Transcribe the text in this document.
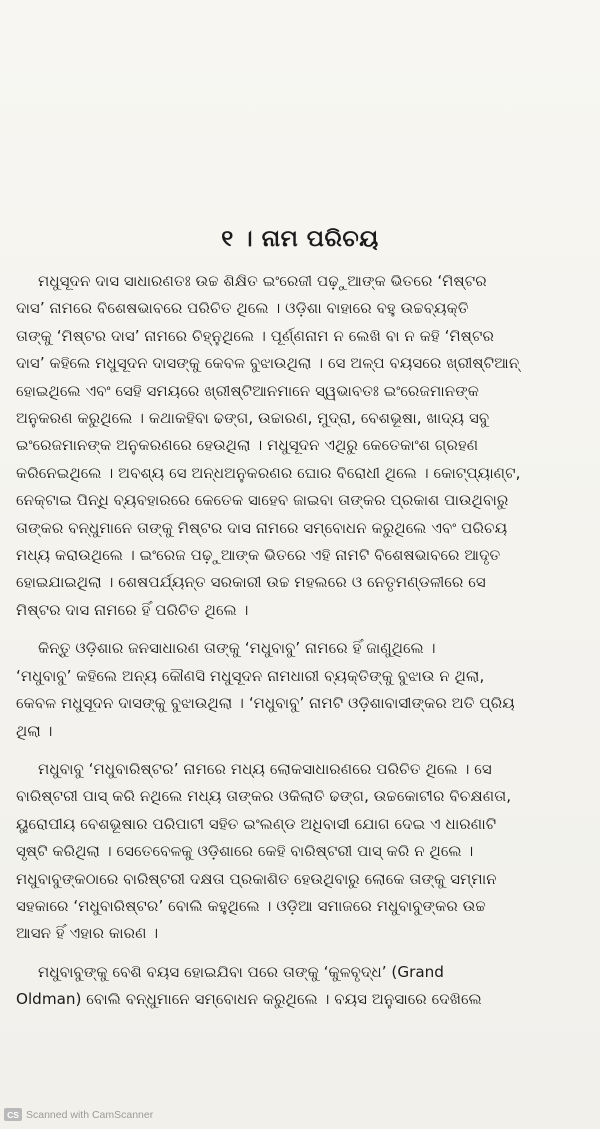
୧ । ନାମ ପରିଚୟ
ମଧୁସୂଦନ ଦାସ ସାଧାରଣତଃ ଉଚ୍ଚ ଶିକ୍ଷିତ ଇଂରେଜୀ ପଢ଼ୁଆଙ୍କ ଭିତରେ ‘ମିଷ୍ଟର
ଦାସ’ ନାମରେ ବିଶେଷଭାବରେ ପରିଚିତ ଥିଲେ । ଓଡ଼ିଶା ବାହାରେ ବହୁ ଉଚ୍ଚବ୍ୟକ୍ତି
ତାଙ୍କୁ ‘ମିଷ୍ଟର ଦାସ’ ନାମରେ ଚିହ୍ନୁଥିଲେ । ପୂର୍ଣ୍ଣନାମ ନ ଲେଖି ବା ନ କହି ‘ମିଷ୍ଟର
ଦାସ’ କହିଲେ ମଧୁସୂଦନ ଦାସଙ୍କୁ କେବଳ ବୁଝାଉଥିଲା । ସେ ଅଳ୍ପ ବୟସରେ ଖ୍ରୀଷ୍ଟିଆନ୍
ହୋଇଥିଲେ ଏବଂ ସେହି ସମୟରେ ଖ୍ରୀଷ୍ଟିଆନମାନେ ସ୍ୱଭାବତଃ ଇଂରେଜମାନଙ୍କ
ଅନୁକରଣ କରୁଥିଲେ । କଥାକହିବା ଢଙ୍ଗ, ଉଚ୍ଚାରଣ, ମୁଦ୍ରା, ବେଶଭୂଷା, ଖାଦ୍ୟ ସବୁ
ଇଂରେଜମାନଙ୍କ ଅନୁକରଣରେ ହେଉଥିଲା । ମଧୁସୂଦନ ଏଥିରୁ କେତେକାଂଶ ଗ୍ରହଣ
କରିନେଇଥିଲେ । ଅବଶ୍ୟ ସେ ଅନ୍ଧଅନୁକରଣର ଘୋର ବିରୋଧୀ ଥିଲେ । କୋଟ୍‌ପ୍ୟାଣ୍ଟ,
ନେକ୍‌ଟାଇ ପିନ୍ଧି ବ୍ୟବହାରରେ କେତେକ ସାହେବ ଜାଇବା ତାଙ୍କର ପ୍ରକାଶ ପାଉଥିବାରୁ
ତାଙ୍କର ବନ୍ଧୁମାନେ ତାଙ୍କୁ ମିଷ୍ଟର ଦାସ ନାମରେ ସମ୍ବୋଧନ କରୁଥିଲେ ଏବଂ ପରିଚୟ
ମଧ୍ୟ କରାଉଥିଲେ । ଇଂରେଜ ପଢ଼ୁଆଙ୍କ ଭିତରେ ଏହି ନାମଟି ବିଶେଷଭାବରେ ଆଦୃତ
ହୋଇଯାଇଥିଲା । ଶେଷପର୍ଯ୍ୟନ୍ତ ସରକାରୀ ଉଚ୍ଚ ମହଲରେ ଓ ନେତୃମଣ୍ଡଳୀରେ ସେ
ମିଷ୍ଟର ଦାସ ନାମରେ ହିଁ ପରିଚିତ ଥିଲେ ।
କିନ୍ତୁ ଓଡ଼ିଶାର ଜନସାଧାରଣ ତାଙ୍କୁ ‘ମଧୁବାବୁ’ ନାମରେ ହିଁ ଜାଣୁଥିଲେ ।
‘ମଧୁବାବୁ’ କହିଲେ ଅନ୍ୟ କୌଣସି ମଧୁସୂଦନ ନାମଧାରୀ ବ୍ୟକ୍ତିଙ୍କୁ ବୁଝାଉ ନ ଥିଲା,
କେବଳ ମଧୁସୂଦନ ଦାସଙ୍କୁ ବୁଝାଉଥିଲା । ‘ମଧୁବାବୁ’ ନାମଟି ଓଡ଼ିଶାବାସୀଙ୍କର ଅତି ପ୍ରିୟ
ଥିଲା ।
ମଧୁବାବୁ ‘ମଧୁବାରିଷ୍ଟର’ ନାମରେ ମଧ୍ୟ ଲୋକସାଧାରଣରେ ପରିଚିତ ଥିଲେ । ସେ
ବାରିଷ୍ଟରୀ ପାସ୍ କରି ନଥିଲେ ମଧ୍ୟ ତାଙ୍କର ଓକିଲାତି ଢଙ୍ଗ, ଉଚ୍ଚକୋଟୀର ବିଚକ୍ଷଣତା,
ୟୁରୋପୀୟ ବେଶଭୂଷାର ପରିପାଟୀ ସହିତ ଇଂଲଣ୍ଡ ଅଧିବାସୀ ଯୋଗ ଦେଇ ଏ ଧାରଣାଟି
ସୃଷ୍ଟି କରିଥିଲା । ସେତେବେଳକୁ ଓଡ଼ିଶାରେ କେହି ବାରିଷ୍ଟରୀ ପାସ୍ କରି ନ ଥିଲେ ।
ମଧୁବାବୁଙ୍କଠାରେ ବାରିଷ୍ଟରୀ ଦକ୍ଷତା ପ୍ରକାଶିତ ହେଉଥିବାରୁ ଲୋକେ ତାଙ୍କୁ ସମ୍ମାନ
ସହକାରେ ‘ମଧୁବାରିଷ୍ଟର’ ବୋଲି କହୁଥିଲେ । ଓଡ଼ିଆ ସମାଜରେ ମଧୁବାବୁଙ୍କର ଉଚ୍ଚ
ଆସନ ହିଁ ଏହାର କାରଣ ।
ମଧୁବାବୁଙ୍କୁ ବେଶି ବୟସ ହୋଇଯିବା ପରେ ତାଙ୍କୁ ‘କୁଳବୃଦ୍ଧ’ (Grand
Oldman) ବୋଲି ବନ୍ଧୁମାନେ ସମ୍ବୋଧନ କରୁଥିଲେ । ବୟସ ଅନୁସାରେ ଦେଖିଲେ
CS Scanned with CamScanner
